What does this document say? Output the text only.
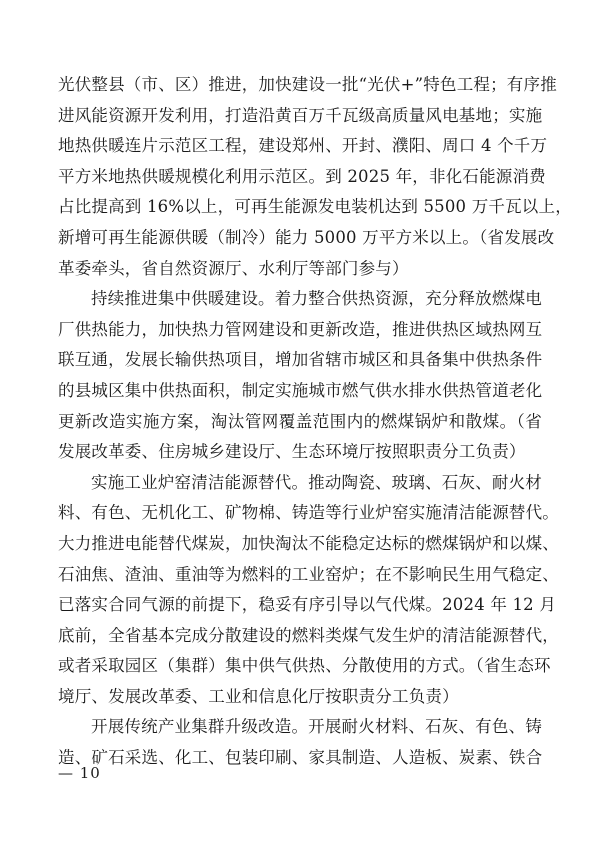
光伏整县（市、区）推进，加快建设一批“光伏+”特色工程；有序推
进风能资源开发利用，打造沿黄百万千瓦级高质量风电基地；实施
地热供暖连片示范区工程，建设郑州、开封、濮阳、周口 4 个千万
平方米地热供暖规模化利用示范区。到 2025 年，非化石能源消费
占比提高到 16%以上，可再生能源发电装机达到 5500 万千瓦以上，
新增可再生能源供暖（制冷）能力 5000 万平方米以上。（省发展改
革委牵头，省自然资源厅、水利厅等部门参与）

持续推进集中供暖建设。着力整合供热资源，充分释放燃煤电
厂供热能力，加快热力管网建设和更新改造，推进供热区域热网互
联互通，发展长输供热项目，增加省辖市城区和具备集中供热条件
的县城区集中供热面积，制定实施城市燃气供水排水供热管道老化
更新改造实施方案，淘汰管网覆盖范围内的燃煤锅炉和散煤。（省
发展改革委、住房城乡建设厅、生态环境厅按照职责分工负责）

实施工业炉窑清洁能源替代。推动陶瓷、玻璃、石灰、耐火材
料、有色、无机化工、矿物棉、铸造等行业炉窑实施清洁能源替代。
大力推进电能替代煤炭，加快淘汰不能稳定达标的燃煤锅炉和以煤、
石油焦、渣油、重油等为燃料的工业窑炉；在不影响民生用气稳定、
已落实合同气源的前提下，稳妥有序引导以气代煤。2024 年 12 月
底前，全省基本完成分散建设的燃料类煤气发生炉的清洁能源替代，
或者采取园区（集群）集中供气供热、分散使用的方式。（省生态环
境厅、发展改革委、工业和信息化厅按职责分工负责）

开展传统产业集群升级改造。开展耐火材料、石灰、有色、铸
造、矿石采选、化工、包装印刷、家具制造、人造板、炭素、铁合

— 10
